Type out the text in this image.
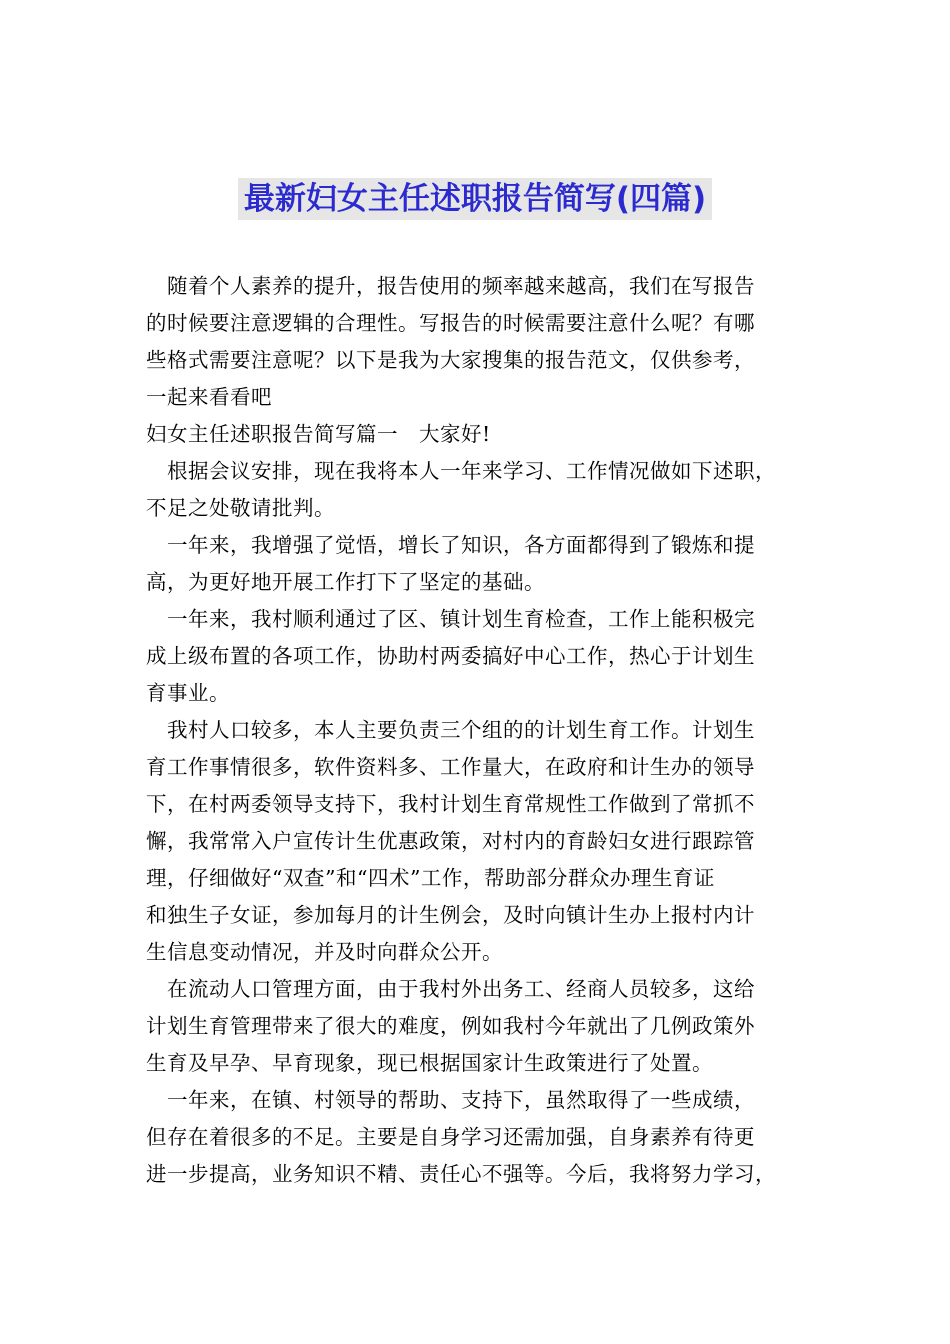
最新妇女主任述职报告简写(四篇)
随着个人素养的提升，报告使用的频率越来越高，我们在写报告
的时候要注意逻辑的合理性。写报告的时候需要注意什么呢？有哪
些格式需要注意呢？以下是我为大家搜集的报告范文，仅供参考，
一起来看看吧
妇女主任述职报告简写篇一　大家好!
根据会议安排，现在我将本人一年来学习、工作情况做如下述职，
不足之处敬请批判。
一年来，我增强了觉悟，增长了知识，各方面都得到了锻炼和提
高，为更好地开展工作打下了坚定的基础。
一年来，我村顺利通过了区、镇计划生育检查，工作上能积极完
成上级布置的各项工作，协助村两委搞好中心工作，热心于计划生
育事业。
我村人口较多，本人主要负责三个组的的计划生育工作。计划生
育工作事情很多，软件资料多、工作量大，在政府和计生办的领导
下，在村两委领导支持下，我村计划生育常规性工作做到了常抓不
懈，我常常入户宣传计生优惠政策，对村内的育龄妇女进行跟踪管
理，仔细做好“双查”和“四术”工作，帮助部分群众办理生育证
和独生子女证，参加每月的计生例会，及时向镇计生办上报村内计
生信息变动情况，并及时向群众公开。
在流动人口管理方面，由于我村外出务工、经商人员较多，这给
计划生育管理带来了很大的难度，例如我村今年就出了几例政策外
生育及早孕、早育现象，现已根据国家计生政策进行了处置。
一年来，在镇、村领导的帮助、支持下，虽然取得了一些成绩，
但存在着很多的不足。主要是自身学习还需加强，自身素养有待更
进一步提高，业务知识不精、责任心不强等。今后，我将努力学习，
